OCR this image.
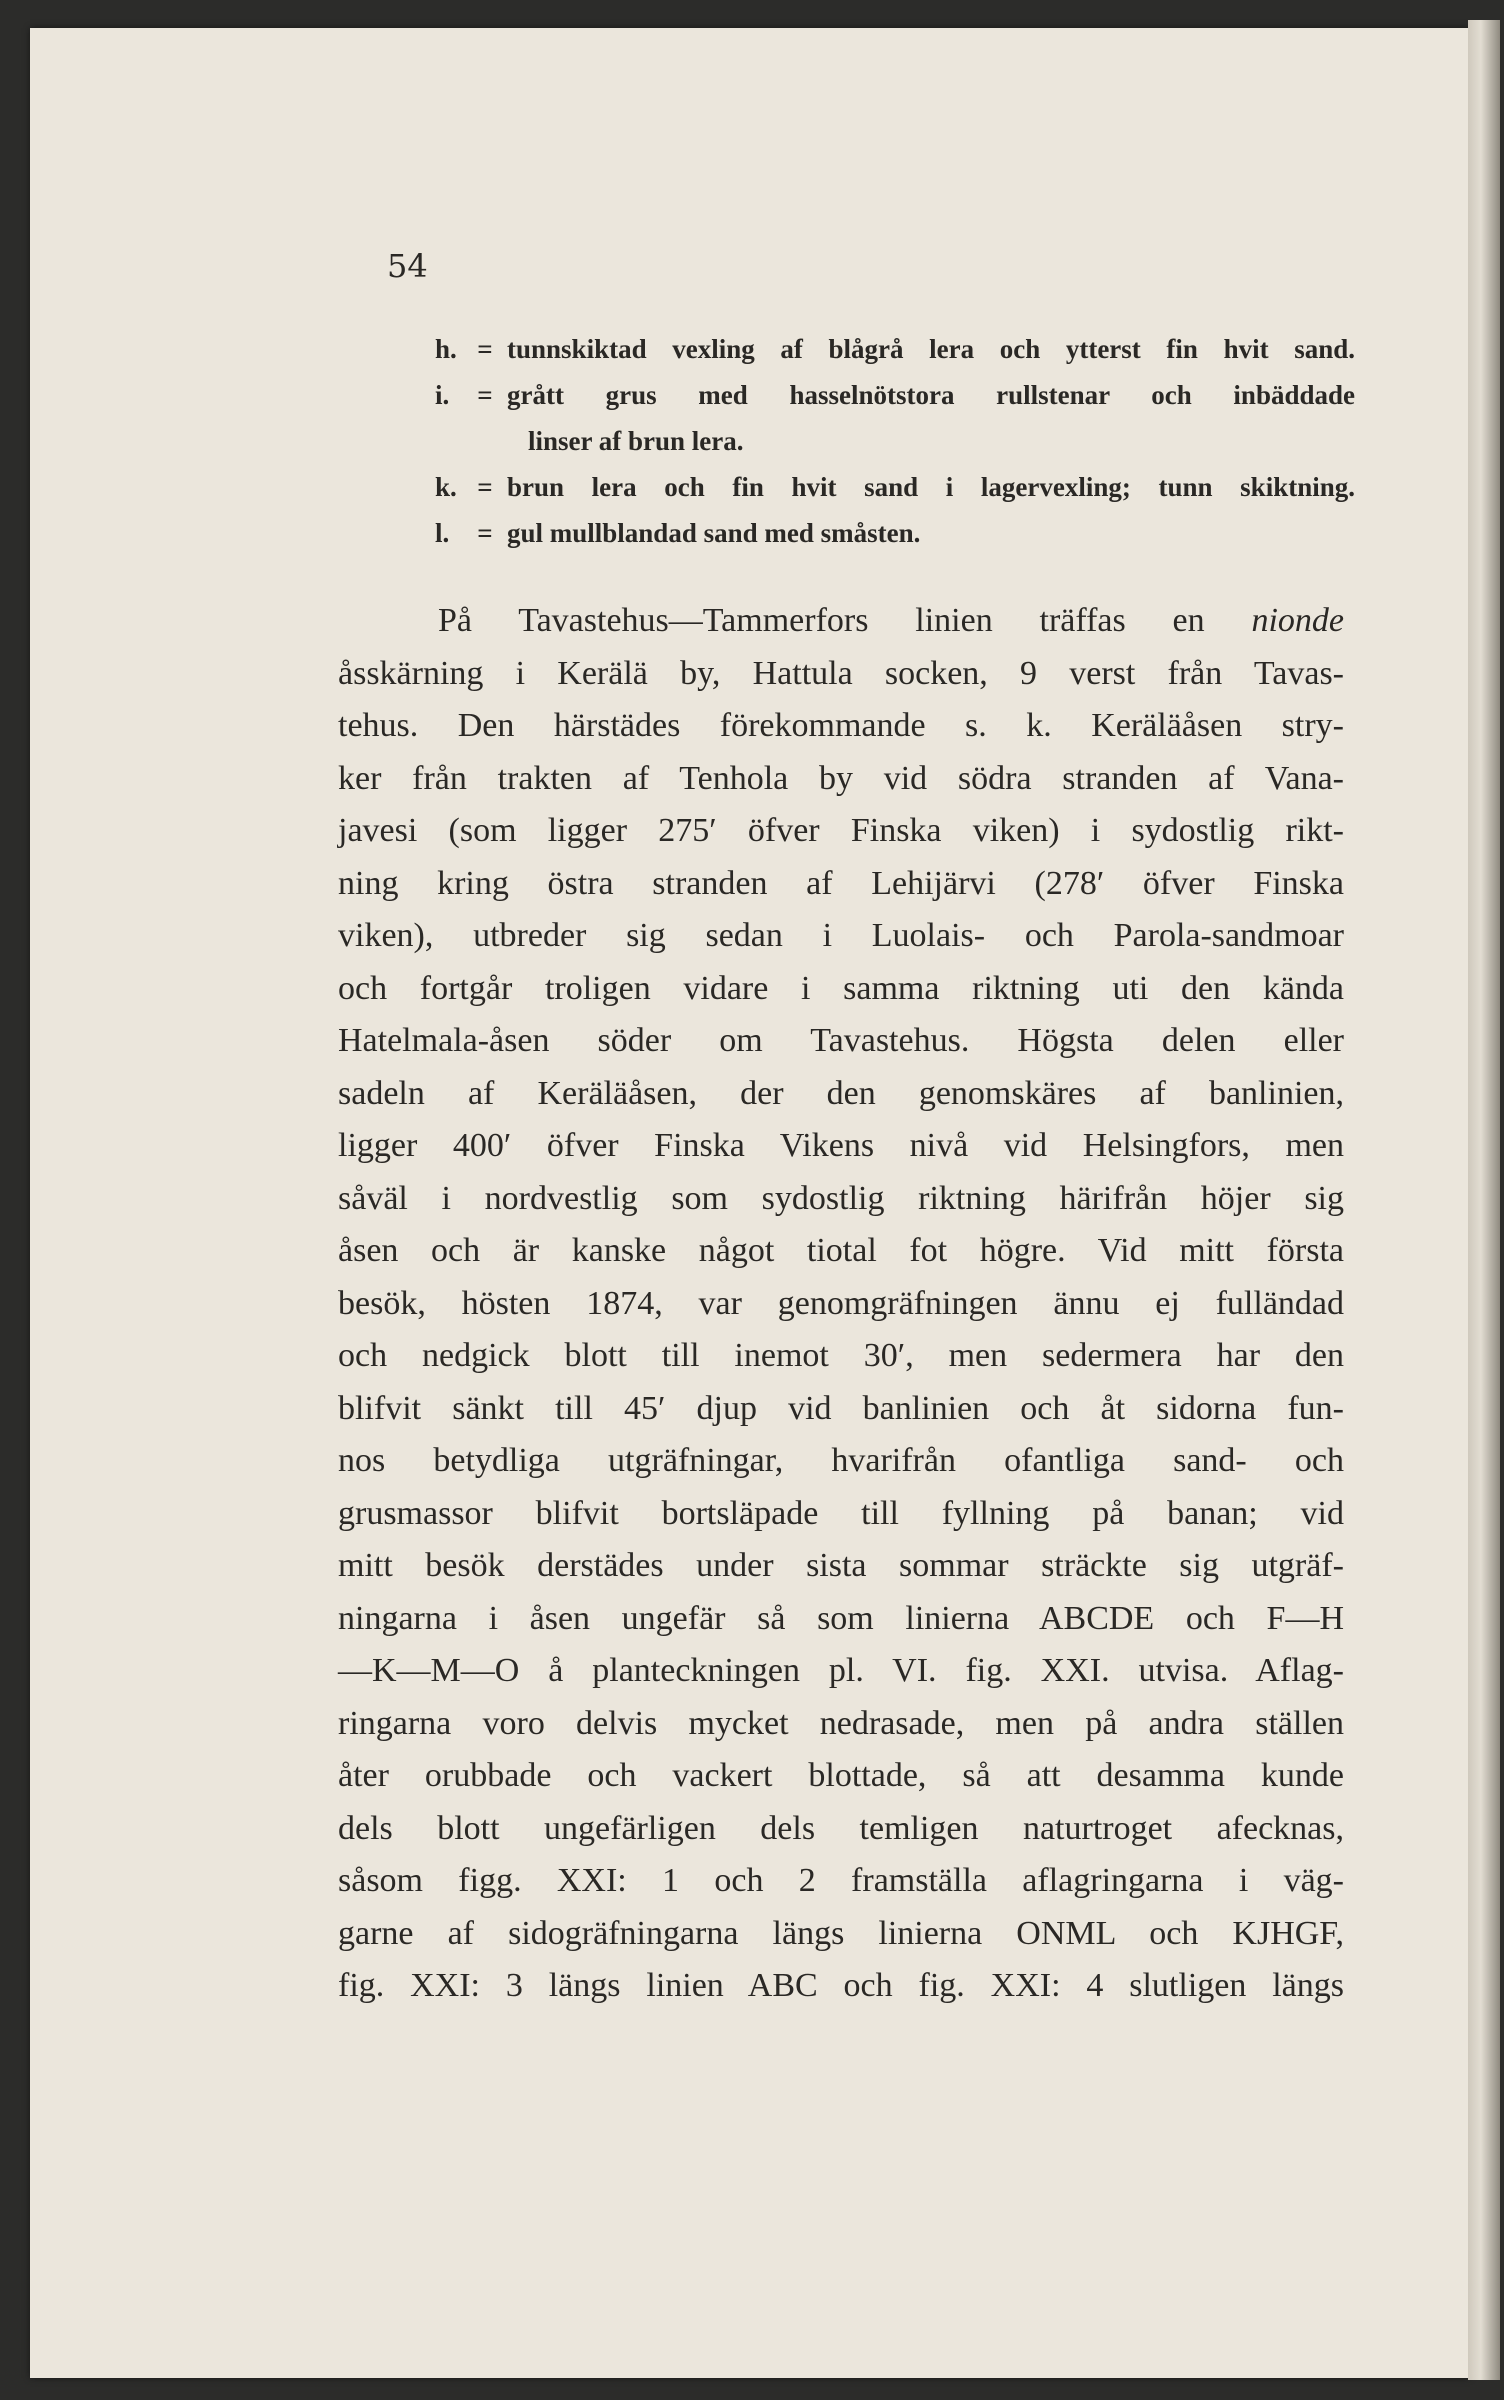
54
h. = tunnskiktad vexling af blågrå lera och ytterst fin hvit sand.
i.	= grått grus med hasselnötstora rullstenar och inbäddade
linser af brun lera.
k. = brun lera och fin hvit sand i lagervexling; tunn skiktning.
l.	= gul mullblandad sand med småsten.
På Tavastehus—Tammerfors linien träffas en nionde
åsskärning i Kerälä by, Hattula socken, 9 verst från Tavas-
tehus. Den härstädes förekommande s. k. Keräläåsen stry-
ker från trakten af Tenhola by vid södra stranden af Vana-
javesi (som ligger 275′ öfver Finska viken) i sydostlig rikt-
ning kring östra stranden af Lehijärvi (278′ öfver Finska
viken), utbreder sig sedan i Luolais- och Parola-sandmoar
och fortgår troligen vidare i samma riktning uti den kända
Hatelmala-åsen söder om Tavastehus. Högsta delen eller
sadeln af Keräläåsen, der den genomskäres af banlinien,
ligger 400′ öfver Finska Vikens nivå vid Helsingfors, men
såväl i nordvestlig som sydostlig riktning härifrån höjer sig
åsen och är kanske något tiotal fot högre. Vid mitt första
besök, hösten 1874, var genomgräfningen ännu ej fulländad
och nedgick blott till inemot 30′, men sedermera har den
blifvit sänkt till 45′ djup vid banlinien och åt sidorna fun-
nos betydliga utgräfningar, hvarifrån ofantliga sand- och
grusmassor blifvit bortsläpade till fyllning på banan; vid
mitt besök derstädes under sista sommar sträckte sig utgräf-
ningarna i åsen ungefär så som linierna ABCDE och F—H
—K—M—O å planteckningen pl. VI. fig. XXI. utvisa. Aflag-
ringarna voro delvis mycket nedrasade, men på andra ställen
åter orubbade och vackert blottade, så att desamma kunde
dels blott ungefärligen dels temligen naturtroget afecknas,
såsom figg. XXI: 1 och 2 framställa aflagringarna i väg-
garne af sidogräfningarna längs linierna ONML och KJHGF,
fig. XXI: 3 längs linien ABC och fig. XXI: 4 slutligen längs
